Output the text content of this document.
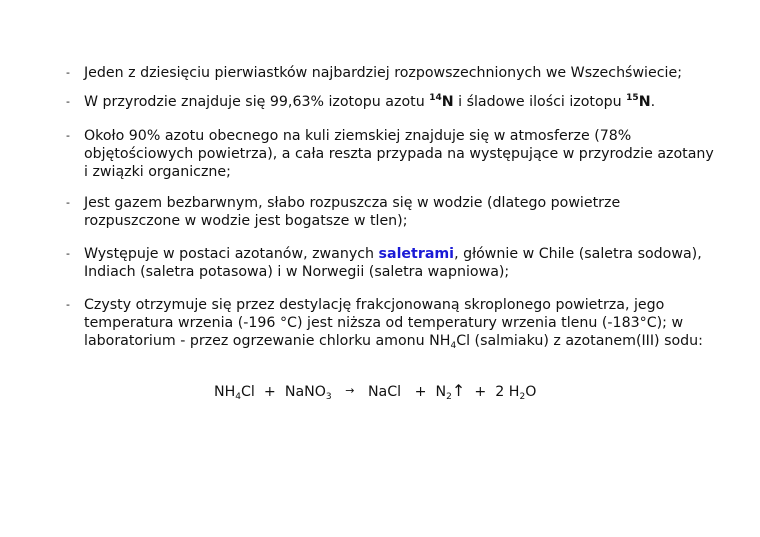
- Jeden z dziesięciu pierwiastków najbardziej rozpowszechnionych we Wszechświecie;
- W przyrodzie znajduje się 99,63% izotopu azotu $^{14}$N i śladowe ilości izotopu $^{15}$N.
- Około 90% azotu obecnego na kuli ziemskiej znajduje się w atmosferze (78% objętościowych powietrza), a cała reszta przypada na występujące w przyrodzie azotany i związki organiczne;
- Jest gazem bezbarwnym, słabo rozpuszcza się w wodzie (dlatego powietrze rozpuszczone w wodzie jest bogatsze w tlen);
- Występuje w postaci azotanów, zwanych saletrami, głównie w Chile (saletra sodowa), Indiach (saletra potasowa) i w Norwegii (saletra wapniowa);
- Czysty otrzymuje się przez destylację frakcjonowaną skroplonego powietrza, jego temperatura wrzenia (-196 °C) jest niższa od temperatury wrzenia tlenu (-183°C); w laboratorium - przez ogrzewanie chlorku amonu $NH_4Cl$ (salmiaku) z azotanem(III) sodu:
$NH_4Cl$ + NaNO$_3$ → NaCl + $N_2↑ + 2$ $H_2O$
